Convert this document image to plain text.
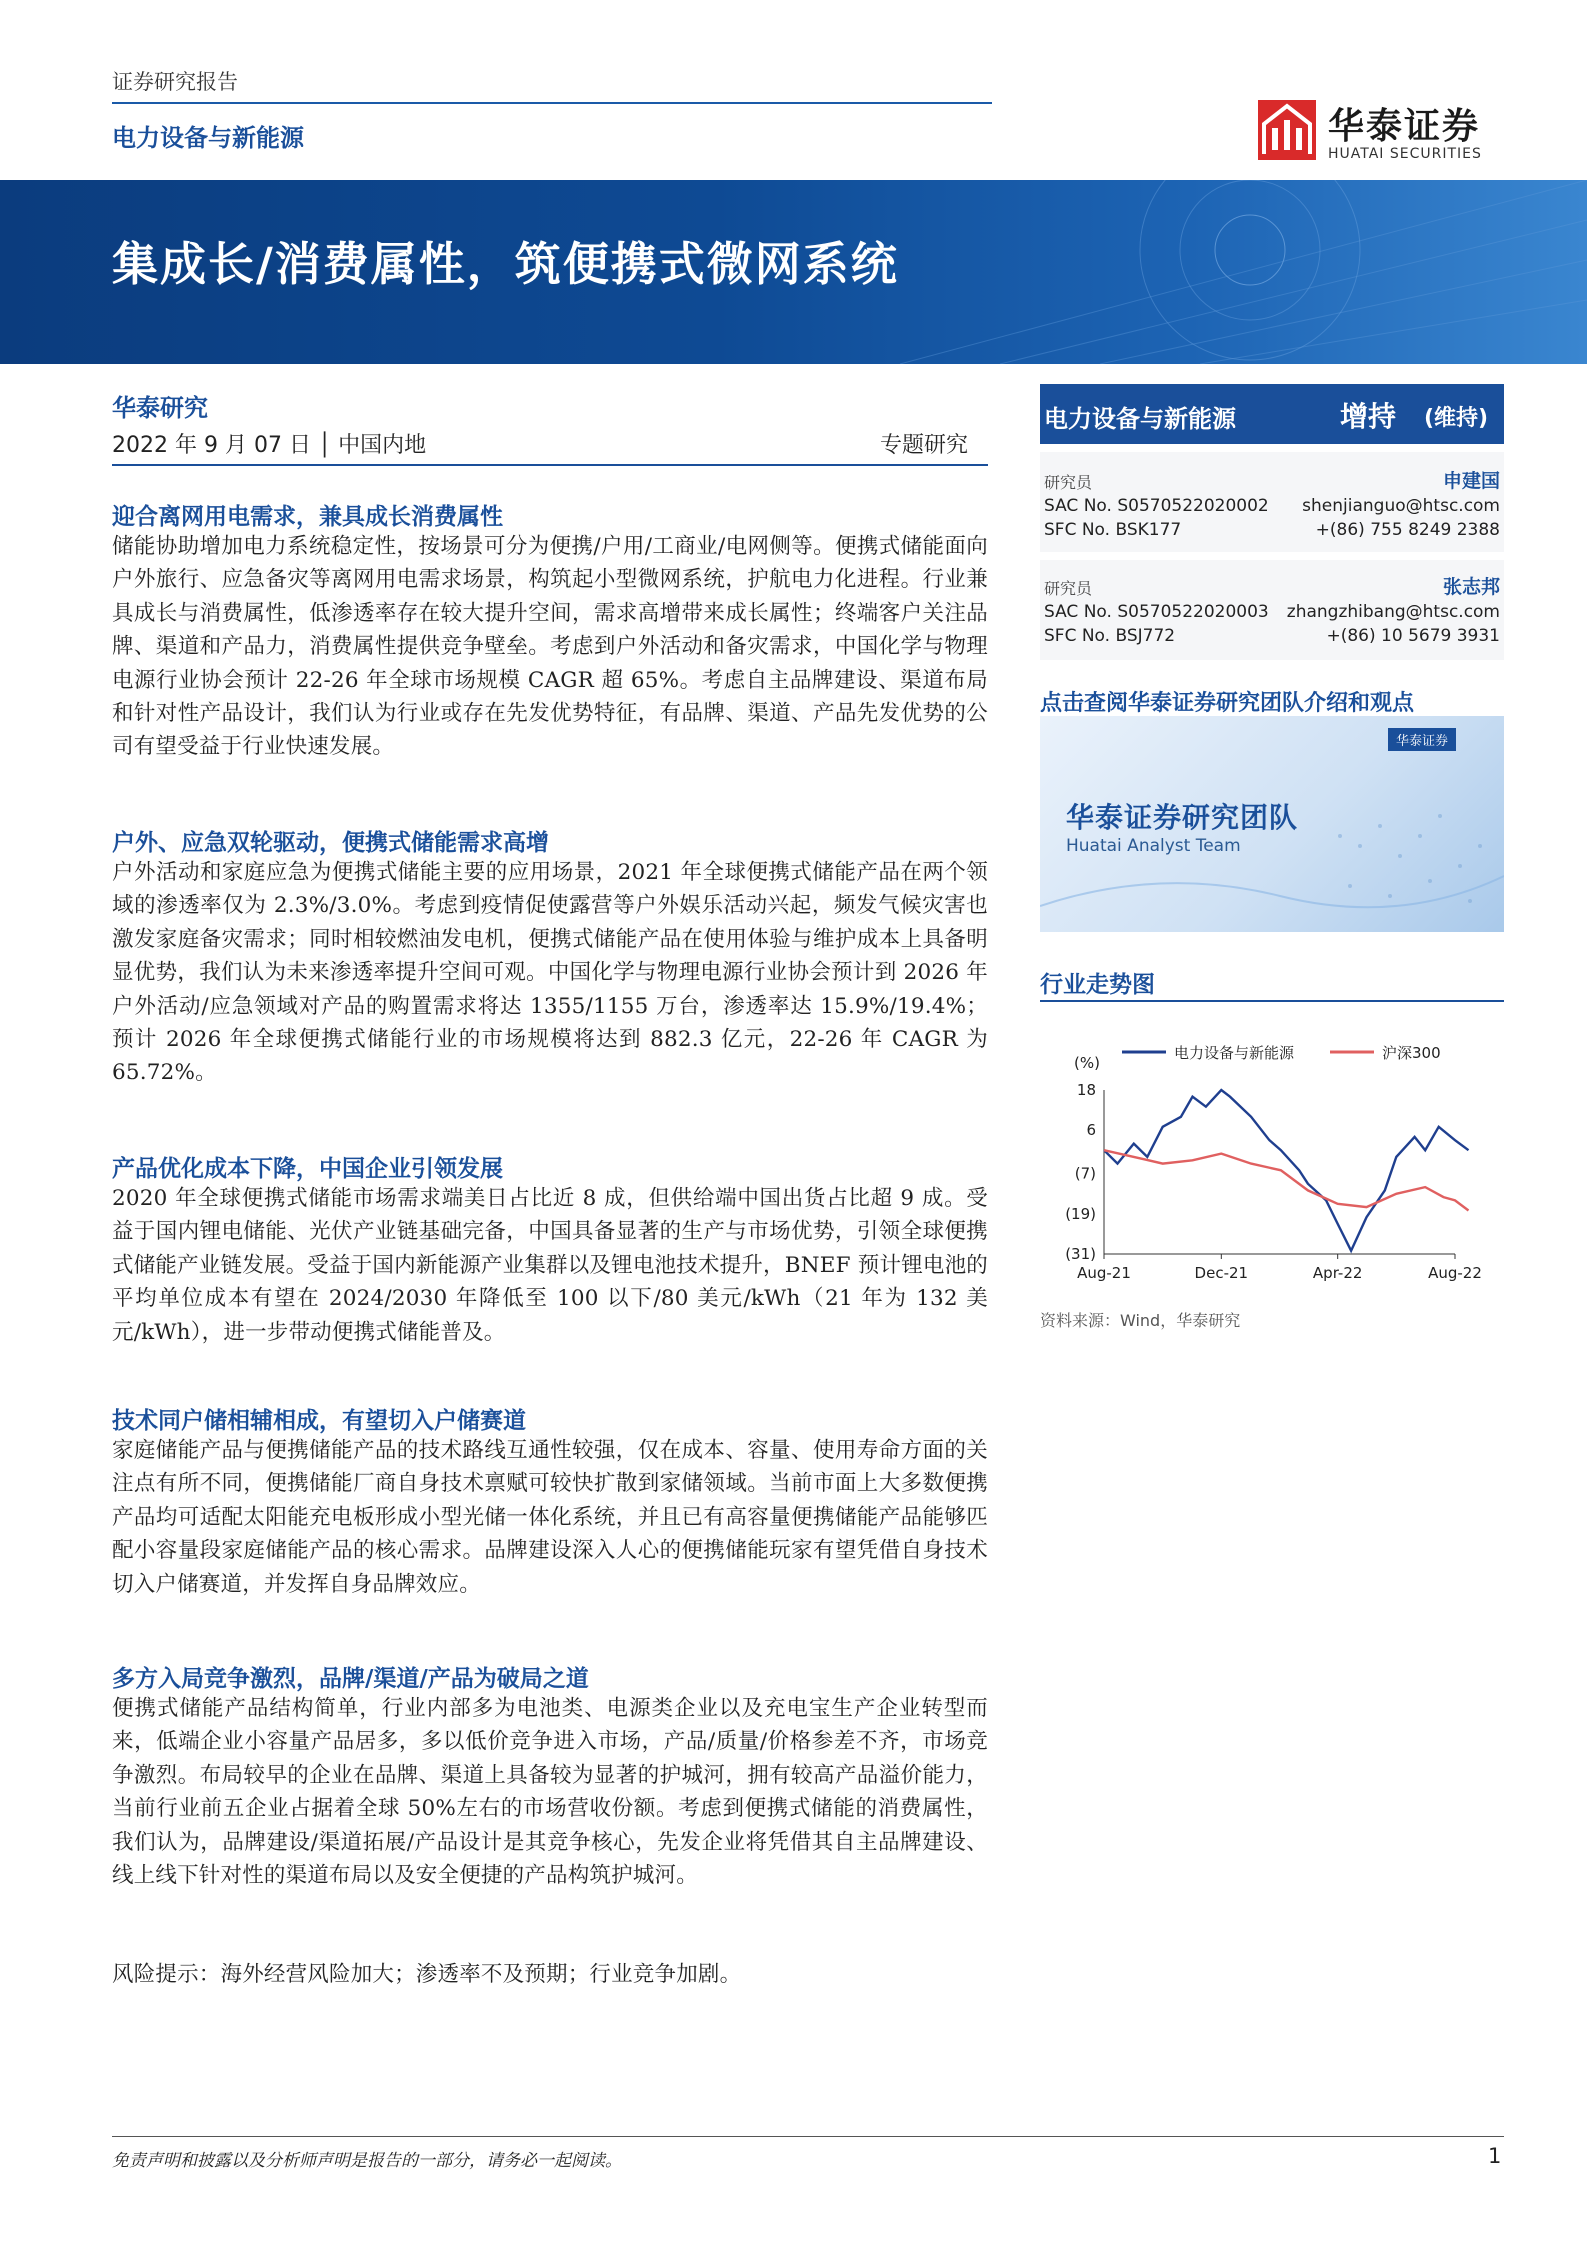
证券研究报告
电力设备与新能源	华泰证券
HUATAI SECURITIES
集成长/消费属性，筑便携式微网系统
华泰研究
2022 年 9 月 07 日 │ 中国内地	专题研究
迎合离网用电需求，兼具成长消费属性
储能协助增加电力系统稳定性，按场景可分为便携/户用/工商业/电网侧等。便携式储能面向户外旅行、应急备灾等离网用电需求场景，构筑起小型微网系统，护航电力化进程。行业兼具成长与消费属性，低渗透率存在较大提升空间，需求高增带来成长属性；终端客户关注品牌、渠道和产品力，消费属性提供竞争壁垒。考虑到户外活动和备灾需求，中国化学与物理电源行业协会预计 22-26 年全球市场规模 CAGR 超 65%。考虑自主品牌建设、渠道布局和针对性产品设计，我们认为行业或存在先发优势特征，有品牌、渠道、产品先发优势的公司有望受益于行业快速发展。
户外、应急双轮驱动，便携式储能需求高增
户外活动和家庭应急为便携式储能主要的应用场景，2021 年全球便携式储能产品在两个领域的渗透率仅为 2.3%/3.0%。考虑到疫情促使露营等户外娱乐活动兴起，频发气候灾害也激发家庭备灾需求；同时相较燃油发电机，便携式储能产品在使用体验与维护成本上具备明显优势，我们认为未来渗透率提升空间可观。中国化学与物理电源行业协会预计到 2026 年户外活动/应急领域对产品的购置需求将达 1355/1155 万台，渗透率达 15.9%/19.4%；预计 2026 年全球便携式储能行业的市场规模将达到 882.3 亿元，22-26 年 CAGR 为 65.72%。
产品优化成本下降，中国企业引领发展
2020 年全球便携式储能市场需求端美日占比近 8 成，但供给端中国出货占比超 9 成。受益于国内锂电储能、光伏产业链基础完备，中国具备显著的生产与市场优势，引领全球便携式储能产业链发展。受益于国内新能源产业集群以及锂电池技术提升，BNEF 预计锂电池的平均单位成本有望在 2024/2030 年降低至 100 以下/80 美元/kWh（21 年为 132 美元/kWh），进一步带动便携式储能普及。
技术同户储相辅相成，有望切入户储赛道
家庭储能产品与便携储能产品的技术路线互通性较强，仅在成本、容量、使用寿命方面的关注点有所不同，便携储能厂商自身技术禀赋可较快扩散到家储领域。当前市面上大多数便携产品均可适配太阳能充电板形成小型光储一体化系统，并且已有高容量便携储能产品能够匹配小容量段家庭储能产品的核心需求。品牌建设深入人心的便携储能玩家有望凭借自身技术切入户储赛道，并发挥自身品牌效应。
多方入局竞争激烈，品牌/渠道/产品为破局之道
便携式储能产品结构简单，行业内部多为电池类、电源类企业以及充电宝生产企业转型而来，低端企业小容量产品居多，多以低价竞争进入市场，产品/质量/价格参差不齐，市场竞争激烈。布局较早的企业在品牌、渠道上具备较为显著的护城河，拥有较高产品溢价能力，当前行业前五企业占据着全球 50%左右的市场营收份额。考虑到便携式储能的消费属性，我们认为，品牌建设/渠道拓展/产品设计是其竞争核心，先发企业将凭借其自主品牌建设、线上线下针对性的渠道布局以及安全便捷的产品构筑护城河。
风险提示：海外经营风险加大；渗透率不及预期；行业竞争加剧。
电力设备与新能源	增持 (维持)
研究员	申建国
SAC No. S0570522020002 shenjianguo@htsc.com
SFC No. BSK177	+(86) 755 8249 2388
研究员	张志邦
SAC No. S0570522020003 zhangzhibang@htsc.com
SFC No. BSJ772	+(86) 10 5679 3931
点击查阅华泰证券研究团队介绍和观点
华泰证券
华泰证券研究团队
Huatai Analyst Team
行业走势图
(%)
18
6
(7)
(19)
(31)
Aug-21	Dec-21	Apr-22	Aug-22
电力设备与新能源	沪深300
资料来源：Wind，华泰研究
免责声明和披露以及分析师声明是报告的一部分，请务必一起阅读。	1
